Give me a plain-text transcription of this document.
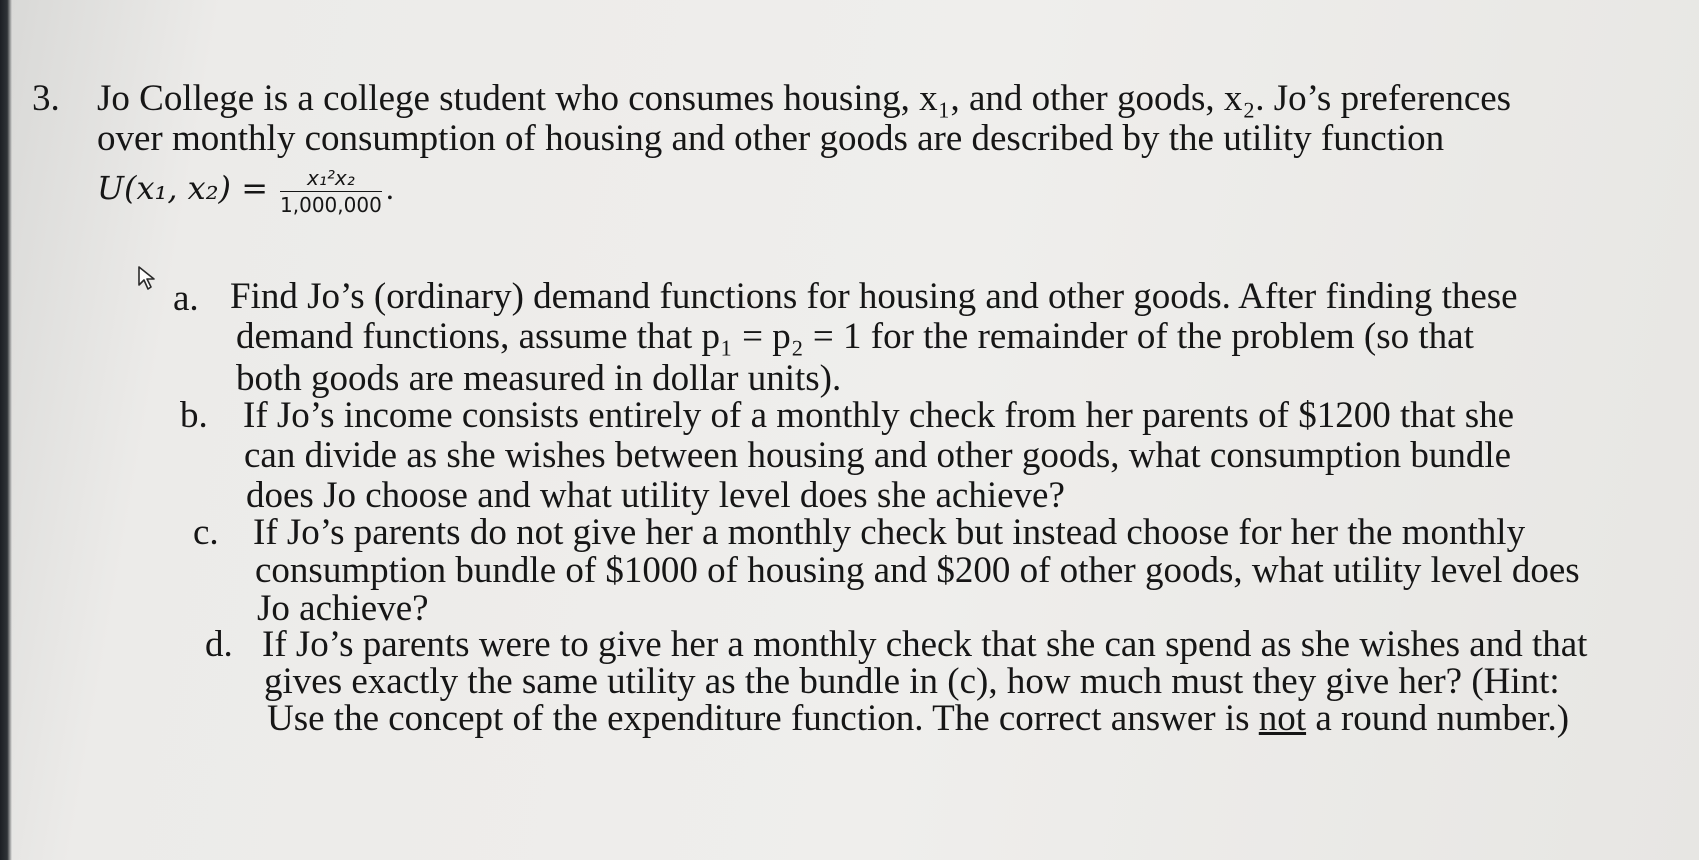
3. Jo College is a college student who consumes housing, x₁, and other goods, x₂. Jo’s preferences
over monthly consumption of housing and other goods are described by the utility function
U(x₁, $x_2) = \frac{\text{x₁²x₂}}{1,000,000}$ .
a. Find Jo’s (ordinary) demand functions for housing and other goods. After finding these
demand functions, assume that p₁ = p₂ = 1 for the remainder of the problem (so that
both goods are measured in dollar units).
b. If Jo’s income consists entirely of a monthly check from her parents of $1200 that she
can divide as she wishes between housing and other goods, what consumption bundle
does Jo choose and what utility level does she achieve?
c. If Jo’s parents do not give her a monthly check but instead choose for her the monthly
consumption bundle of $1000 of housing and $200 of other goods, what utility level does
Jo achieve?
d. If Jo’s parents were to give her a monthly check that she can spend as she wishes and that
gives exactly the same utility as the bundle in (c), how much must they give her? (Hint:
Use the concept of the expenditure function. The correct answer is not a round number.)
